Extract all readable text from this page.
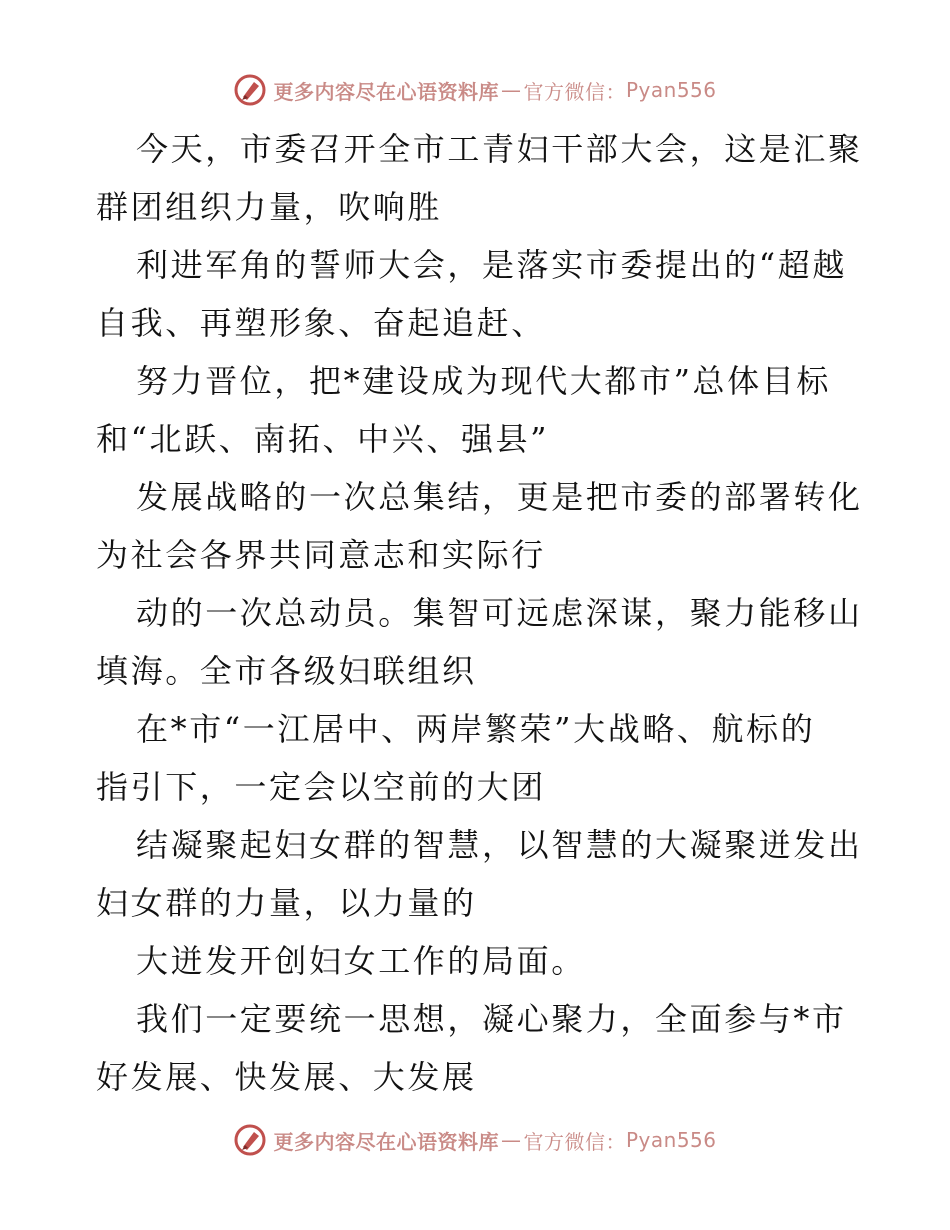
更多内容尽在心语资料库 — 官方微信： Pyan556

今天，市委召开全市工青妇干部大会，这是汇聚
群团组织力量，吹响胜

利进军角的誓师大会，是落实市委提出的“超越
自我、再塑形象、奋起追赶、

努力晋位，把*建设成为现代大都市”总体目标
和“北跃、南拓、中兴、强县”

发展战略的一次总集结，更是把市委的部署转化
为社会各界共同意志和实际行

动的一次总动员。集智可远虑深谋，聚力能移山
填海。全市各级妇联组织

在*市“一江居中、两岸繁荣”大战略、航标的
指引下，一定会以空前的大团

结凝聚起妇女群的智慧，以智慧的大凝聚迸发出
妇女群的力量，以力量的

大迸发开创妇女工作的局面。

我们一定要统一思想，凝心聚力，全面参与*市
好发展、快发展、大发展

更多内容尽在心语资料库 — 官方微信： Pyan556
